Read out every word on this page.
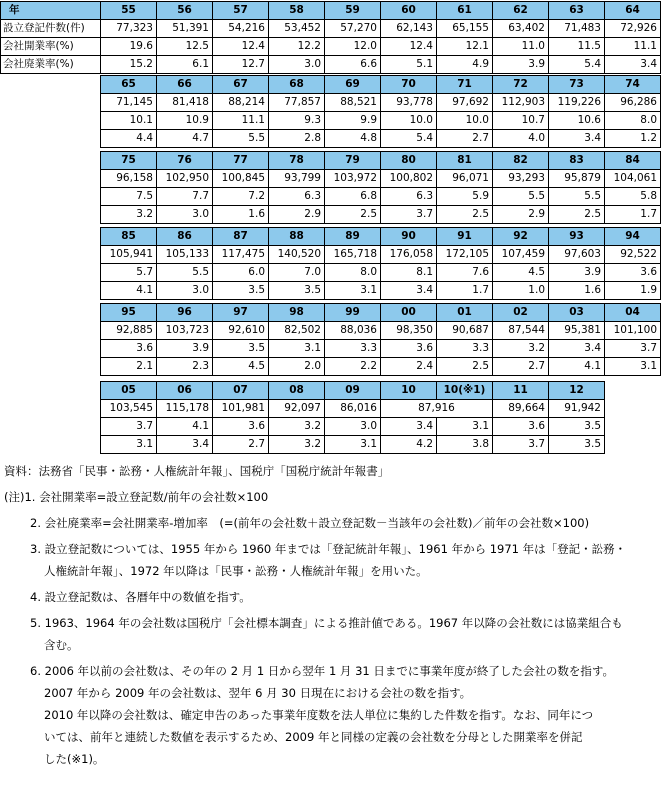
年	55	56	57	58	59	60	61	62	63	64
設立登記件数(件)	77,323	51,391	54,216	53,452	57,270	62,143	65,155	63,402	71,483	72,926
会社開業率(%)	19.6	12.5	12.4	12.2	12.0	12.4	12.1	11.0	11.5	11.1
会社廃業率(%)	15.2	6.1	12.7	3.0	6.6	5.1	4.9	3.9	5.4	3.4
65	66	67	68	69	70	71	72	73	74
71,145	81,418	88,214	77,857	88,521	93,778	97,692	112,903	119,226	96,286
10.1	10.9	11.1	9.3	9.9	10.0	10.0	10.7	10.6	8.0
4.4	4.7	5.5	2.8	4.8	5.4	2.7	4.0	3.4	1.2
75	76	77	78	79	80	81	82	83	84
96,158	102,950	100,845	93,799	103,972	100,802	96,071	93,293	95,879	104,061
7.5	7.7	7.2	6.3	6.8	6.3	5.9	5.5	5.5	5.8
3.2	3.0	1.6	2.9	2.5	3.7	2.5	2.9	2.5	1.7
85	86	87	88	89	90	91	92	93	94
105,941	105,133	117,475	140,520	165,718	176,058	172,105	107,459	97,603	92,522
5.7	5.5	6.0	7.0	8.0	8.1	7.6	4.5	3.9	3.6
4.1	3.0	3.5	3.5	3.1	3.4	1.7	1.0	1.6	1.9
95	96	97	98	99	00	01	02	03	04
92,885	103,723	92,610	82,502	88,036	98,350	90,687	87,544	95,381	101,100
3.6	3.9	3.5	3.1	3.3	3.6	3.3	3.2	3.4	3.7
2.1	2.3	4.5	2.0	2.2	2.4	2.5	2.7	4.1	3.1
05	06	07	08	09	10	10(※1)	11	12
103,545	115,178	101,981	92,097	86,016	87,916		89,664	91,942
3.7	4.1	3.6	3.2	3.0	3.4	3.1	3.6	3.5
3.1	3.4	2.7	3.2	3.1	4.2	3.8	3.7	3.5

資料：法務省「民事・訟務・人権統計年報」、国税庁「国税庁統計年報書」

(注)1. 会社開業率=設立登記数/前年の会社数×100

2. 会社廃業率=会社開業率-増加率　(=(前年の会社数＋設立登記数－当該年の会社数)／前年の会社数×100)

3. 設立登記数については、1955 年から 1960 年までは「登記統計年報」、1961 年から 1971 年は「登記・訟務・

人権統計年報」、1972 年以降は「民事・訟務・人権統計年報」を用いた。

4. 設立登記数は、各暦年中の数値を指す。

5. 1963、1964 年の会社数は国税庁「会社標本調査」による推計値である。1967 年以降の会社数には協業組合も

含む。

6. 2006 年以前の会社数は、その年の 2 月 1 日から翌年 1 月 31 日までに事業年度が終了した会社の数を指す。

2007 年から 2009 年の会社数は、翌年 6 月 30 日現在における会社の数を指す。

2010 年以降の会社数は、確定申告のあった事業年度数を法人単位に集約した件数を指す。なお、同年につ

いては、前年と連続した数値を表示するため、2009 年と同様の定義の会社数を分母とした開業率を併記

した(※1)。
